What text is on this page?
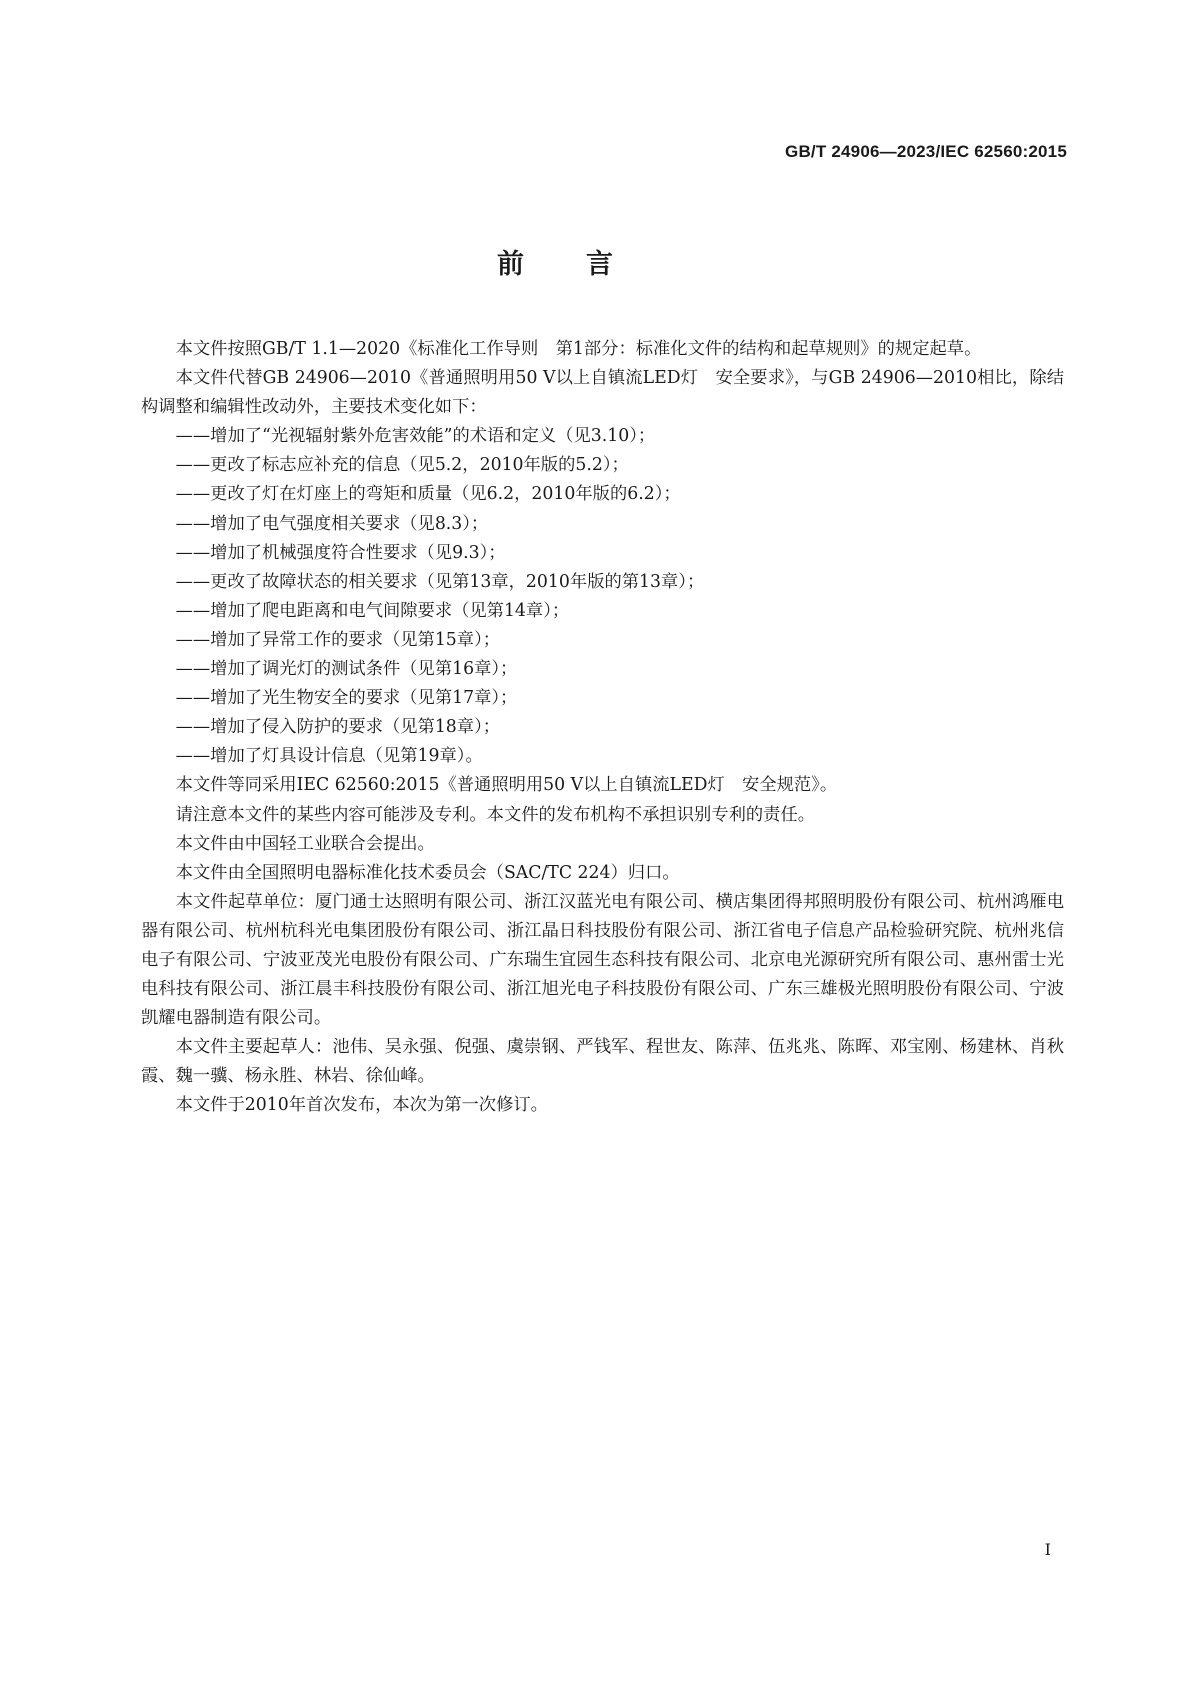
GB/T 24906—2023/IEC 62560:2015
前言

本文件按照GB/T 1.1—2020《标准化工作导则　第1部分：标准化文件的结构和起草规则》的规定起草。

本文件代替GB 24906—2010《普通照明用50 V以上自镇流LED灯　安全要求》，与GB 24906—2010相比，除结构调整和编辑性改动外，主要技术变化如下：

——增加了“光视辐射紫外危害效能”的术语和定义（见3.10）；
——更改了标志应补充的信息（见5.2，2010年版的5.2）；
——更改了灯在灯座上的弯矩和质量（见6.2，2010年版的6.2）；
——增加了电气强度相关要求（见8.3）；
——增加了机械强度符合性要求（见9.3）；
——更改了故障状态的相关要求（见第13章，2010年版的第13章）；
——增加了爬电距离和电气间隙要求（见第14章）；
——增加了异常工作的要求（见第15章）；
——增加了调光灯的测试条件（见第16章）；
——增加了光生物安全的要求（见第17章）；
——增加了侵入防护的要求（见第18章）；
——增加了灯具设计信息（见第19章）。

本文件等同采用IEC 62560:2015《普通照明用50 V以上自镇流LED灯　安全规范》。

请注意本文件的某些内容可能涉及专利。本文件的发布机构不承担识别专利的责任。

本文件由中国轻工业联合会提出。

本文件由全国照明电器标准化技术委员会（SAC/TC 224）归口。

本文件起草单位：厦门通士达照明有限公司、浙江汉蓝光电有限公司、横店集团得邦照明股份有限公司、杭州鸿雁电器有限公司、杭州杭科光电集团股份有限公司、浙江晶日科技股份有限公司、浙江省电子信息产品检验研究院、杭州兆信电子有限公司、宁波亚茂光电股份有限公司、广东瑞生宜园生态科技有限公司、北京电光源研究所有限公司、惠州雷士光电科技有限公司、浙江晨丰科技股份有限公司、浙江旭光电子科技股份有限公司、广东三雄极光照明股份有限公司、宁波凯耀电器制造有限公司。

本文件主要起草人：池伟、吴永强、倪强、虞崇钢、严钱军、程世友、陈萍、伍兆兆、陈晖、邓宝刚、杨建林、肖秋霞、魏一骥、杨永胜、林岩、徐仙峰。

本文件于2010年首次发布，本次为第一次修订。

I
